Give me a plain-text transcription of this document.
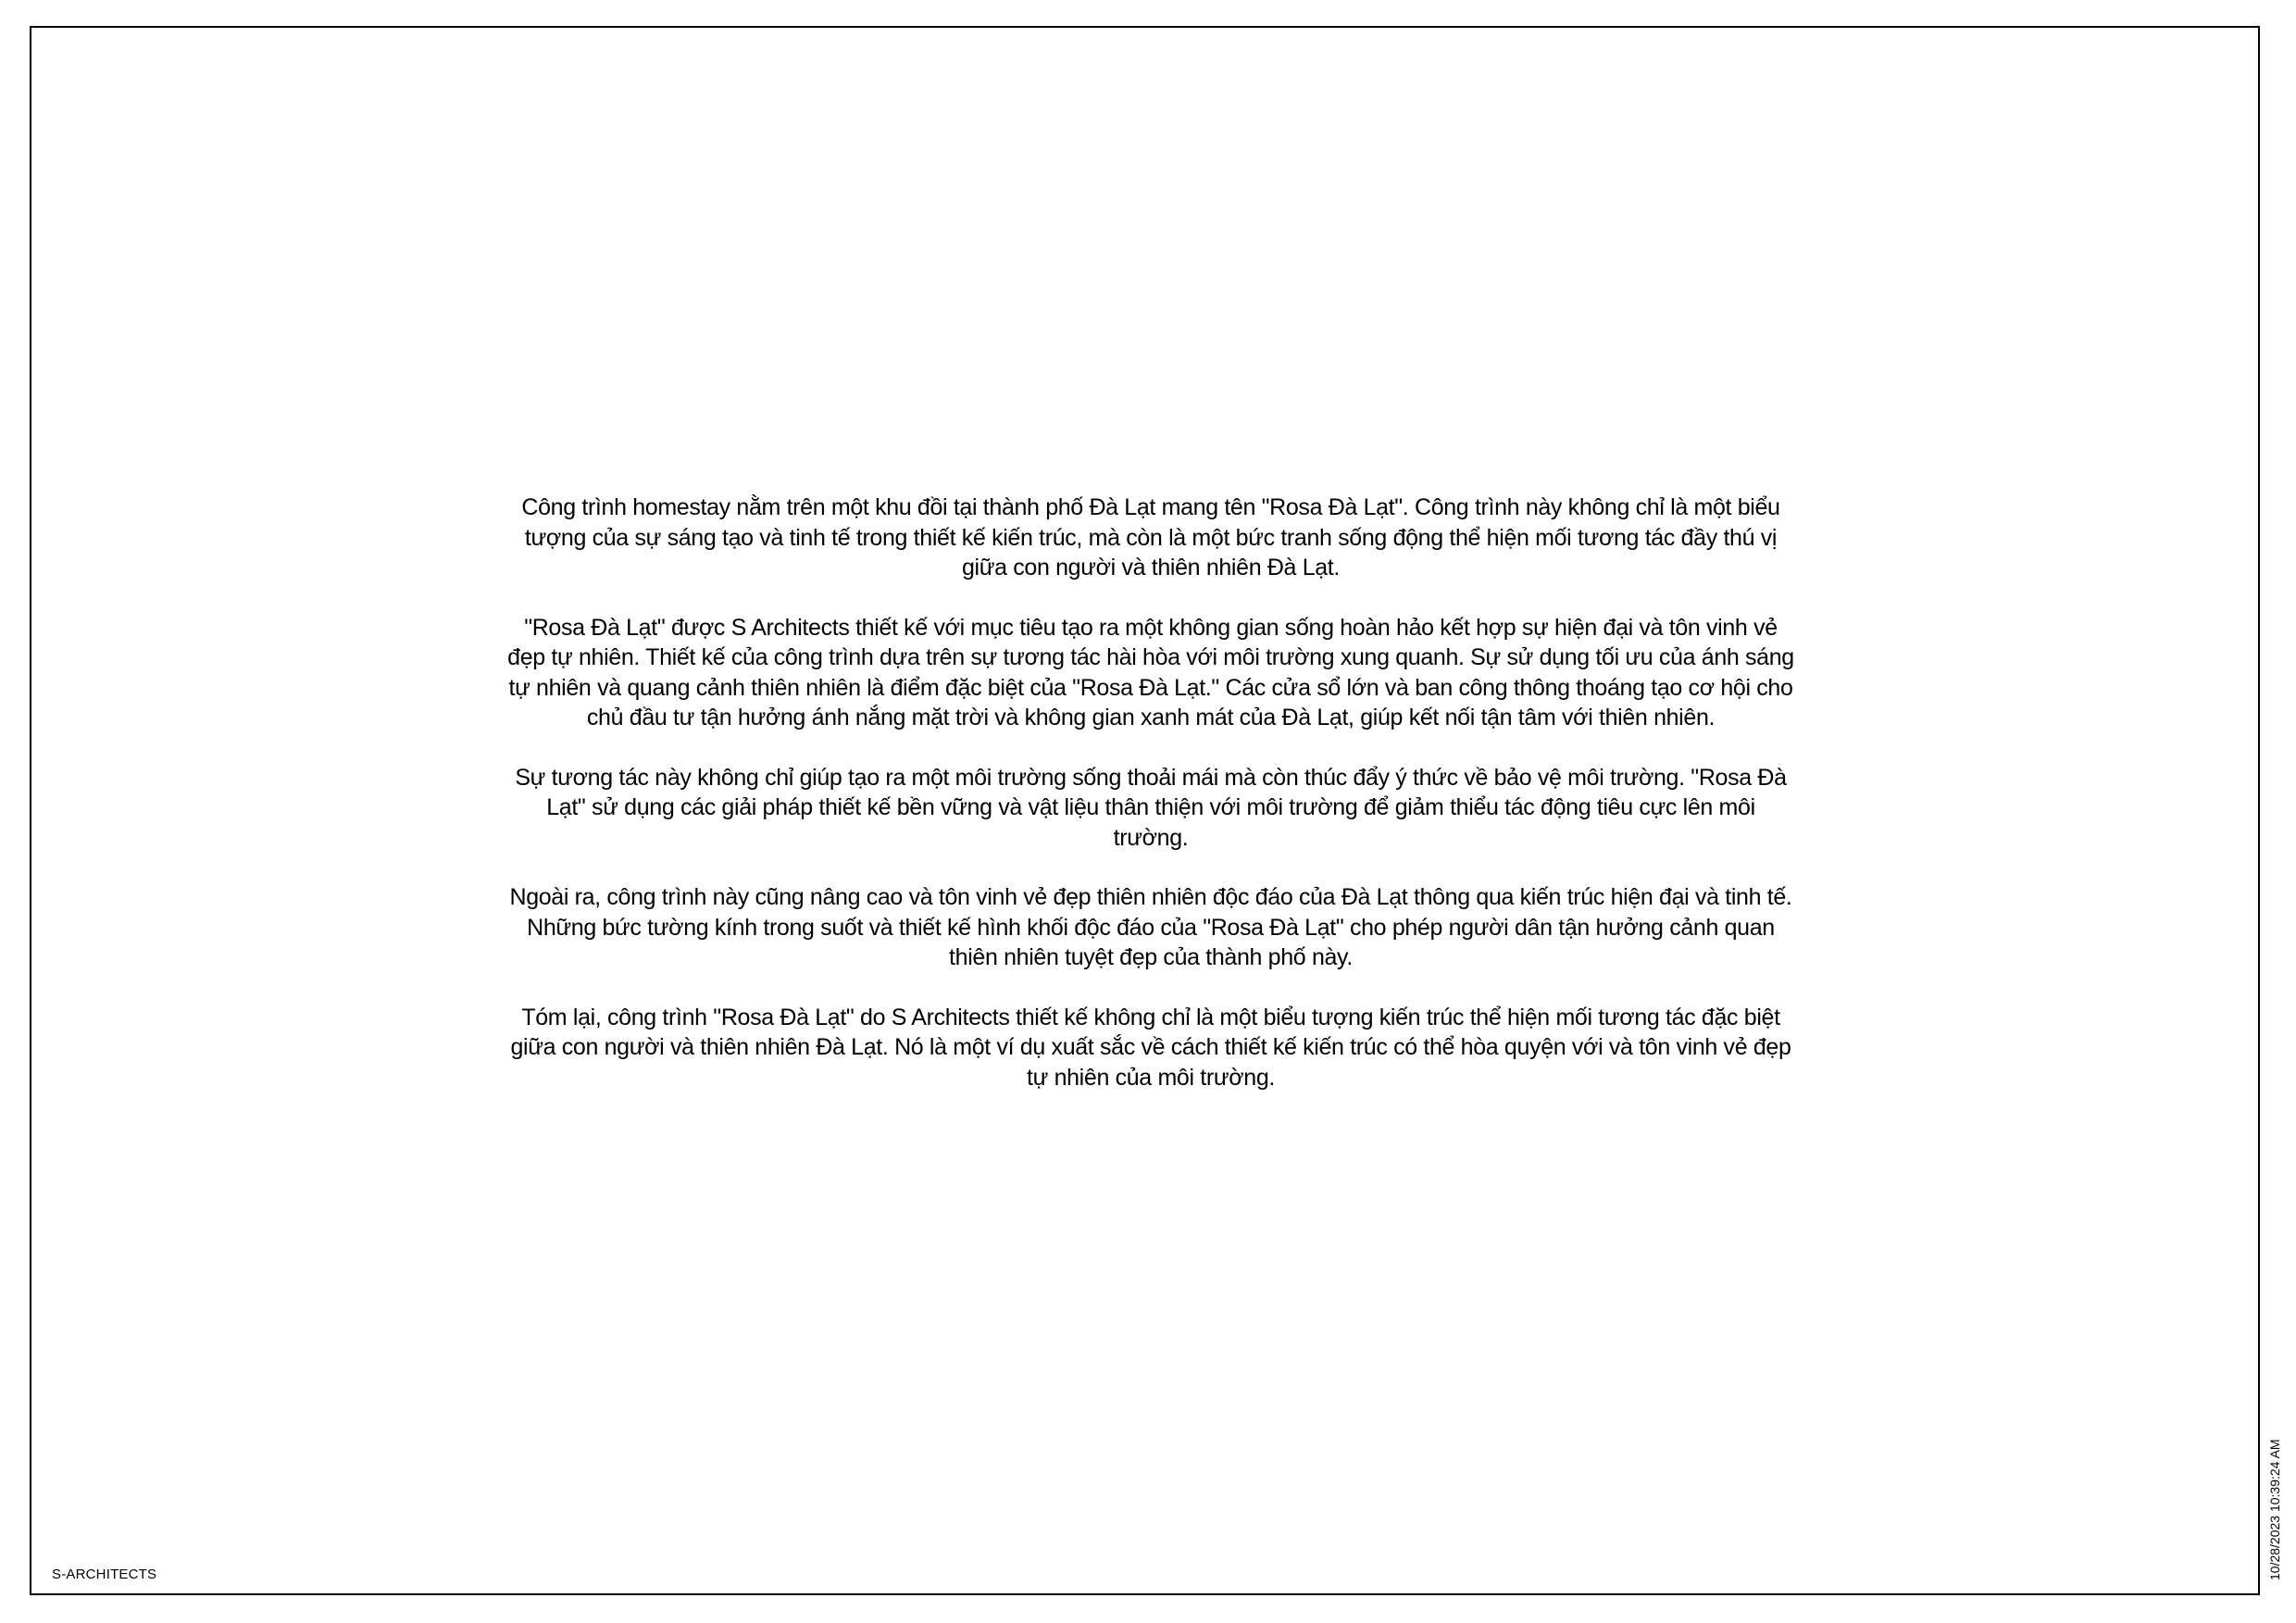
Công trình homestay nằm trên một khu đồi tại thành phố Đà Lạt mang tên "Rosa Đà Lạt". Công trình này không chỉ là một biểu tượng của sự sáng tạo và tinh tế trong thiết kế kiến trúc, mà còn là một bức tranh sống động thể hiện mối tương tác đầy thú vị giữa con người và thiên nhiên Đà Lạt.

"Rosa Đà Lạt" được S Architects thiết kế với mục tiêu tạo ra một không gian sống hoàn hảo kết hợp sự hiện đại và tôn vinh vẻ đẹp tự nhiên. Thiết kế của công trình dựa trên sự tương tác hài hòa với môi trường xung quanh. Sự sử dụng tối ưu của ánh sáng tự nhiên và quang cảnh thiên nhiên là điểm đặc biệt của "Rosa Đà Lạt." Các cửa sổ lớn và ban công thông thoáng tạo cơ hội cho chủ đầu tư tận hưởng ánh nắng mặt trời và không gian xanh mát của Đà Lạt, giúp kết nối tận tâm với thiên nhiên.

Sự tương tác này không chỉ giúp tạo ra một môi trường sống thoải mái mà còn thúc đẩy ý thức về bảo vệ môi trường. "Rosa Đà Lạt" sử dụng các giải pháp thiết kế bền vững và vật liệu thân thiện với môi trường để giảm thiểu tác động tiêu cực lên môi trường.

Ngoài ra, công trình này cũng nâng cao và tôn vinh vẻ đẹp thiên nhiên độc đáo của Đà Lạt thông qua kiến trúc hiện đại và tinh tế. Những bức tường kính trong suốt và thiết kế hình khối độc đáo của "Rosa Đà Lạt" cho phép người dân tận hưởng cảnh quan thiên nhiên tuyệt đẹp của thành phố này.

Tóm lại, công trình "Rosa Đà Lạt" do S Architects thiết kế không chỉ là một biểu tượng kiến trúc thể hiện mối tương tác đặc biệt giữa con người và thiên nhiên Đà Lạt. Nó là một ví dụ xuất sắc về cách thiết kế kiến trúc có thể hòa quyện với và tôn vinh vẻ đẹp tự nhiên của môi trường.

S-ARCHITECTS	10/28/2023 10:39:24 AM
